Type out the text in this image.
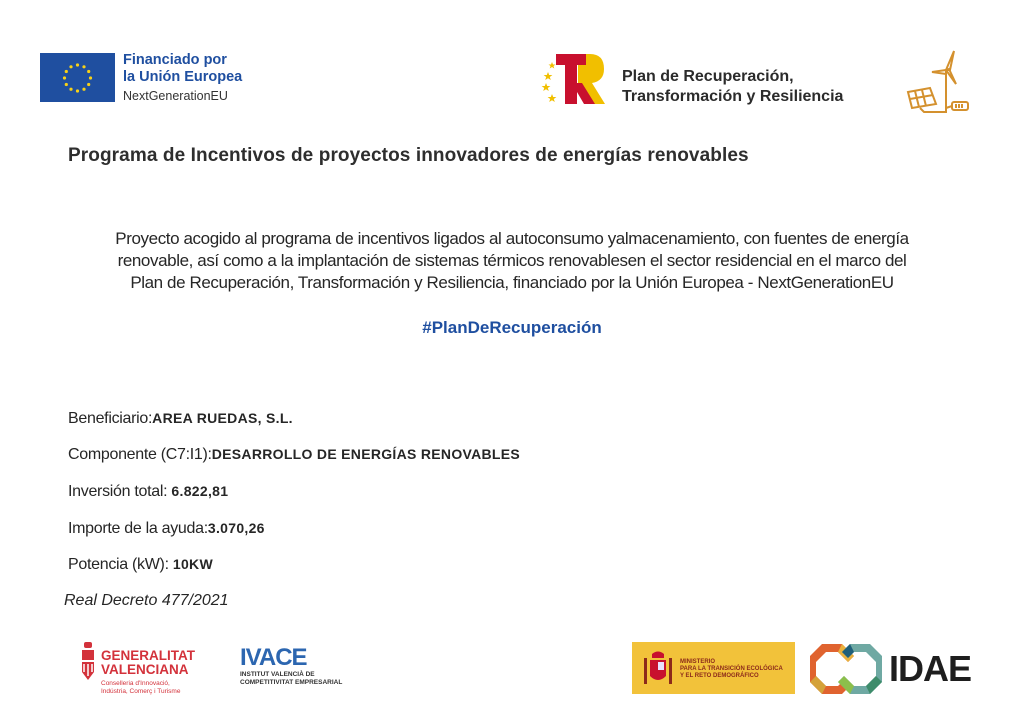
Financiado por
la Unión Europea
NextGenerationEU
Plan de Recuperación,
Transformación y Resiliencia
Programa de Incentivos de proyectos innovadores de energías renovables
Proyecto acogido al programa de incentivos ligados al autoconsumo yalmacenamiento, con fuentes de energía
renovable, así como a la implantación de sistemas térmicos renovablesen el sector residencial en el marco del
Plan de Recuperación, Transformación y Resiliencia, financiado por la Unión Europea - NextGenerationEU
#PlanDeRecuperación
Beneficiario:AREA RUEDAS, S.L.
Componente (C7:I1):DESARROLLO DE ENERGÍAS RENOVABLES
Inversión total: 6.822,81
Importe de la ayuda:3.070,26
Potencia (kW): 10KW
Real Decreto 477/2021
GENERALITAT
VALENCIANA
Conselleria d'Innovació,
Indústria, Comerç i Turisme
IVACE
INSTITUT VALENCIÀ DE
COMPETITIVITAT EMPRESARIAL
MINISTERIO
PARA LA TRANSICIÓN ECOLÓGICA
Y EL RETO DEMOGRÁFICO	IDAE
